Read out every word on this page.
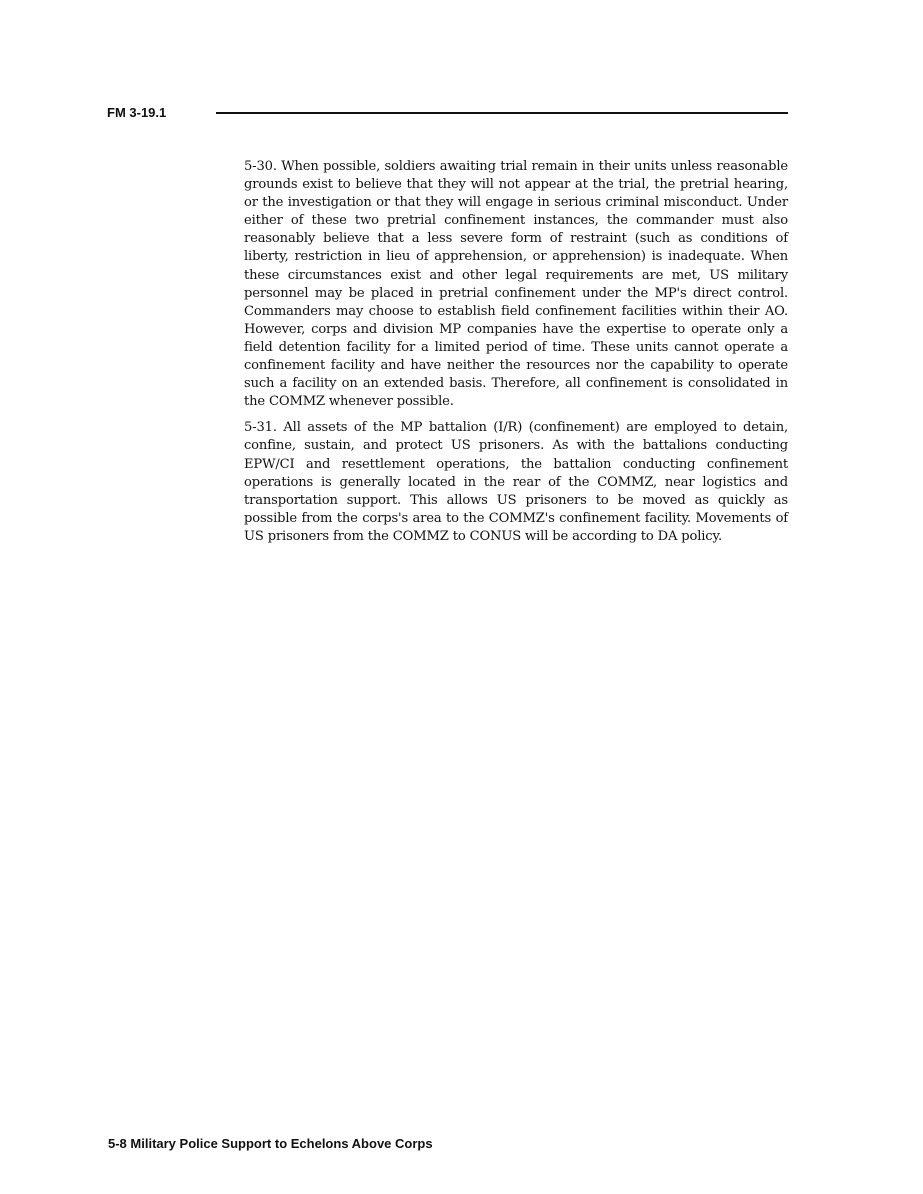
FM 3-19.1

5-30. When possible, soldiers awaiting trial remain in their units unless reasonable grounds exist to believe that they will not appear at the trial, the pretrial hearing, or the investigation or that they will engage in serious criminal misconduct. Under either of these two pretrial confinement instances, the commander must also reasonably believe that a less severe form of restraint (such as conditions of liberty, restriction in lieu of apprehension, or apprehension) is inadequate. When these circumstances exist and other legal requirements are met, US military personnel may be placed in pretrial confinement under the MP's direct control. Commanders may choose to establish field confinement facilities within their AO. However, corps and division MP companies have the expertise to operate only a field detention facility for a limited period of time. These units cannot operate a confinement facility and have neither the resources nor the capability to operate such a facility on an extended basis. Therefore, all confinement is consolidated in the COMMZ whenever possible.

5-31. All assets of the MP battalion (I/R) (confinement) are employed to detain, confine, sustain, and protect US prisoners. As with the battalions conducting EPW/CI and resettlement operations, the battalion conducting confinement operations is generally located in the rear of the COMMZ, near logistics and transportation support. This allows US prisoners to be moved as quickly as possible from the corps's area to the COMMZ's confinement facility. Movements of US prisoners from the COMMZ to CONUS will be according to DA policy.

5-8 Military Police Support to Echelons Above Corps
